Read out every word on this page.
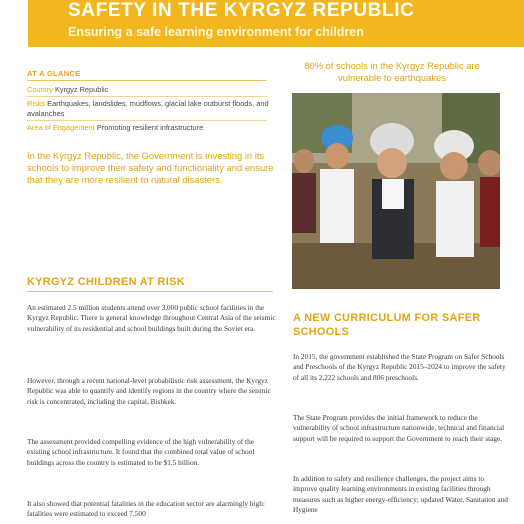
SAFETY IN THE KYRGYZ REPUBLIC
Ensuring a safe learning environment for children
AT A GLANCE
Country Kyrgyz Republic
Risks Earthquakes, landslides, mudflows, glacial lake outburst floods, and avalanches
Area of Engagement Promoting resilient infrastructure
In the Kyrgyz Republic, the Government is investing in its schools to improve their safety and functionality and ensure that they are more resilient to natural disasters.
80% of schools in the Kyrgyz Republic are vulnerable to earthquakes
KYRGYZ CHILDREN AT RISK
An estimated 2.5 million students attend over 3,000 public school facilities in the Kyrgyz Republic. There is general knowledge throughout Central Asia of the seismic vulnerability of its residential and school buildings built during the Soviet era.
However, through a recent national-level probabilistic risk assessment, the Kyrgyz Republic was able to quantify and identify regions in the country where the seismic risk is concentrated, including the capital, Bishkek.
The assessment provided compelling evidence of the high vulnerability of the existing school infrastructure. It found that the combined total value of school buildings across the country is estimated to be $1.5 billion.
It also showed that potential fatalities in the education sector are alarmingly high: fatalities were estimated to exceed 7,500
A NEW CURRICULUM FOR SAFER SCHOOLS
In 2015, the government established the State Program on Safer Schools and Preschools of the Kyrgyz Republic 2015–2024 to improve the safety of all its 2,222 schools and 806 preschools.
The State Program provides the initial framework to reduce the vulnerability of school infrastructure nationwide, technical and financial support will be required to support the Government to reach their stage.
In addition to safety and resilience challenges, the project aims to improve quality learning environments in existing facilities through measures such as higher energy-efficiency; updated Water, Sanitation and Hygiene
